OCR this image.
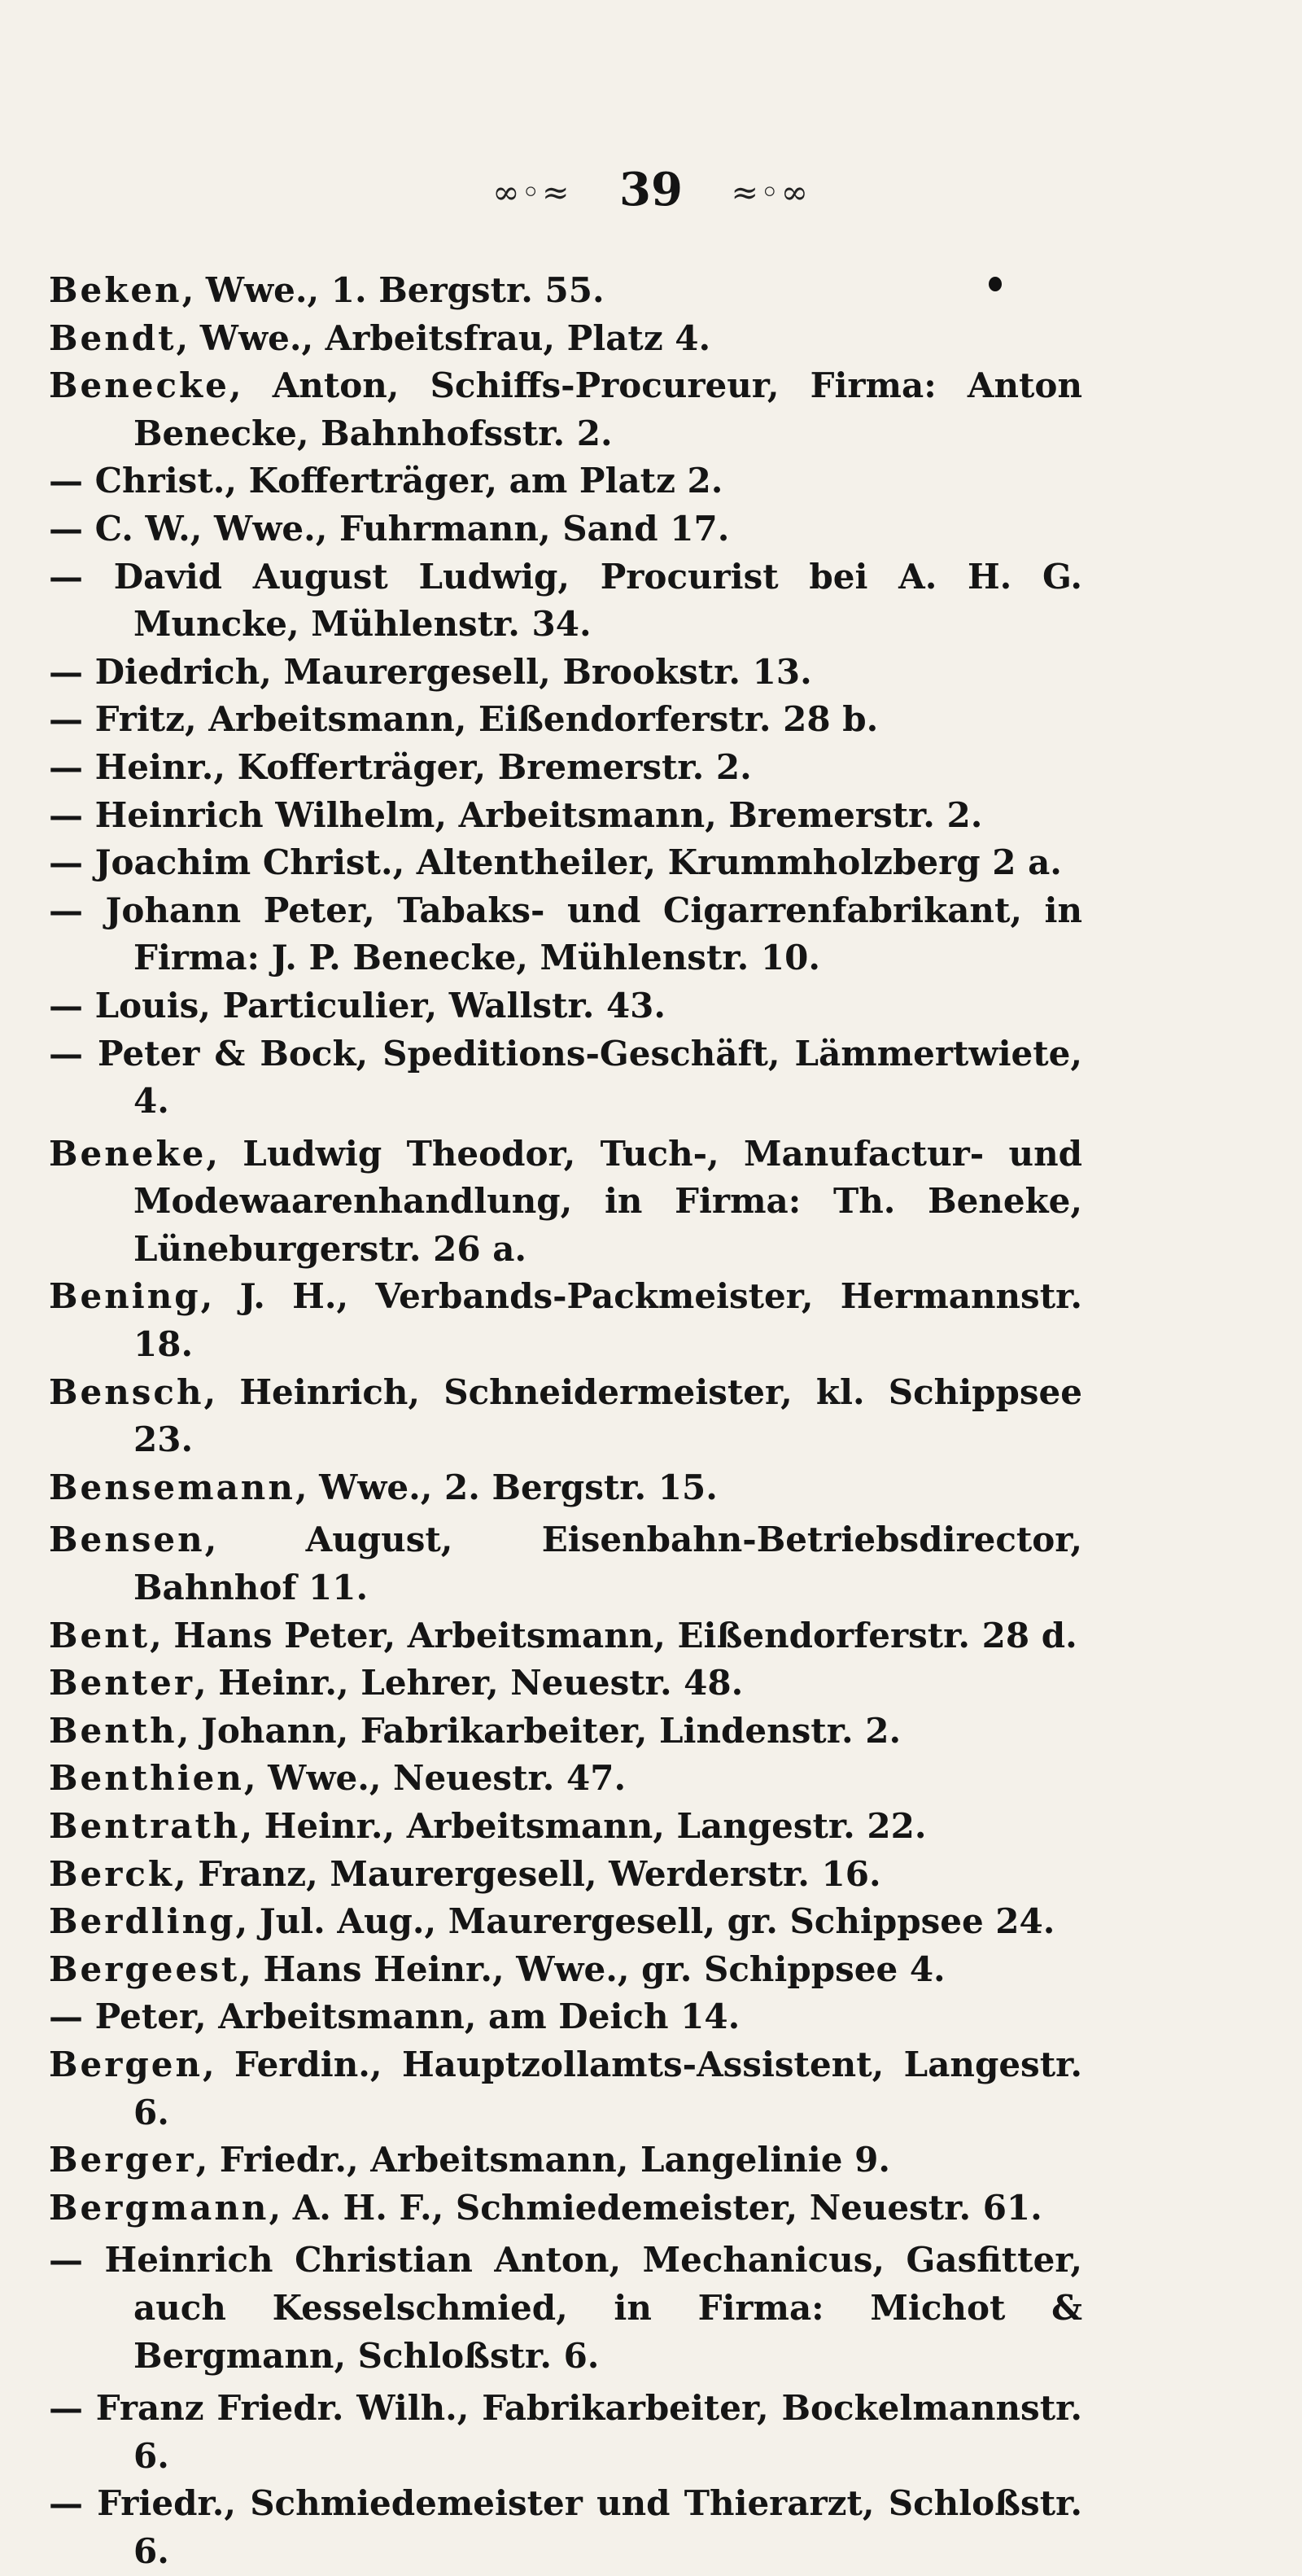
∞◦≈ 39 ≈◦∞

Beken, Wwe., 1. Bergstr. 55.

Bendt, Wwe., Arbeitsfrau, Platz 4.

Benecke, Anton, Schiffs-Procureur, Firma: Anton Benecke, Bahnhofsstr. 2.

— Christ., Kofferträger, am Platz 2.

— C. W., Wwe., Fuhrmann, Sand 17.

— David August Ludwig, Procurist bei A. H. G. Muncke, Mühlenstr. 34.

— Diedrich, Maurergesell, Brookstr. 13.

— Fritz, Arbeitsmann, Eißendorferstr. 28 b.

— Heinr., Kofferträger, Bremerstr. 2.

— Heinrich Wilhelm, Arbeitsmann, Bremerstr. 2.

— Joachim Christ., Altentheiler, Krummholzberg 2 a.

— Johann Peter, Tabaks- und Cigarrenfabrikant, in Firma: J. P. Benecke, Mühlenstr. 10.

— Louis, Particulier, Wallstr. 43.

— Peter & Bock, Speditions-Geschäft, Lämmertwiete, 4.

Beneke, Ludwig Theodor, Tuch-, Manufactur- und Modewaarenhandlung, in Firma: Th. Beneke, Lüneburgerstr. 26 a.

Bening, J. H., Verbands-Packmeister, Hermannstr. 18.

Bensch, Heinrich, Schneidermeister, kl. Schippsee 23.

Bensemann, Wwe., 2. Bergstr. 15.

Bensen, August, Eisenbahn-Betriebsdirector, Bahnhof 11.

Bent, Hans Peter, Arbeitsmann, Eißendorferstr. 28 d.

Benter, Heinr., Lehrer, Neuestr. 48.

Benth, Johann, Fabrikarbeiter, Lindenstr. 2.

Benthien, Wwe., Neuestr. 47.

Bentrath, Heinr., Arbeitsmann, Langestr. 22.

Berck, Franz, Maurergesell, Werderstr. 16.

Berdling, Jul. Aug., Maurergesell, gr. Schippsee 24.

Bergeest, Hans Heinr., Wwe., gr. Schippsee 4.

— Peter, Arbeitsmann, am Deich 14.

Bergen, Ferdin., Hauptzollamts-Assistent, Langestr. 6.

Berger, Friedr., Arbeitsmann, Langelinie 9.

Bergmann, A. H. F., Schmiedemeister, Neuestr. 61.

— Heinrich Christian Anton, Mechanicus, Gasfitter, auch Kesselschmied, in Firma: Michot & Bergmann, Schloßstr. 6.

— Franz Friedr. Wilh., Fabrikarbeiter, Bockelmannstr. 6.

— Friedr., Schmiedemeister und Thierarzt, Schloßstr. 6.
